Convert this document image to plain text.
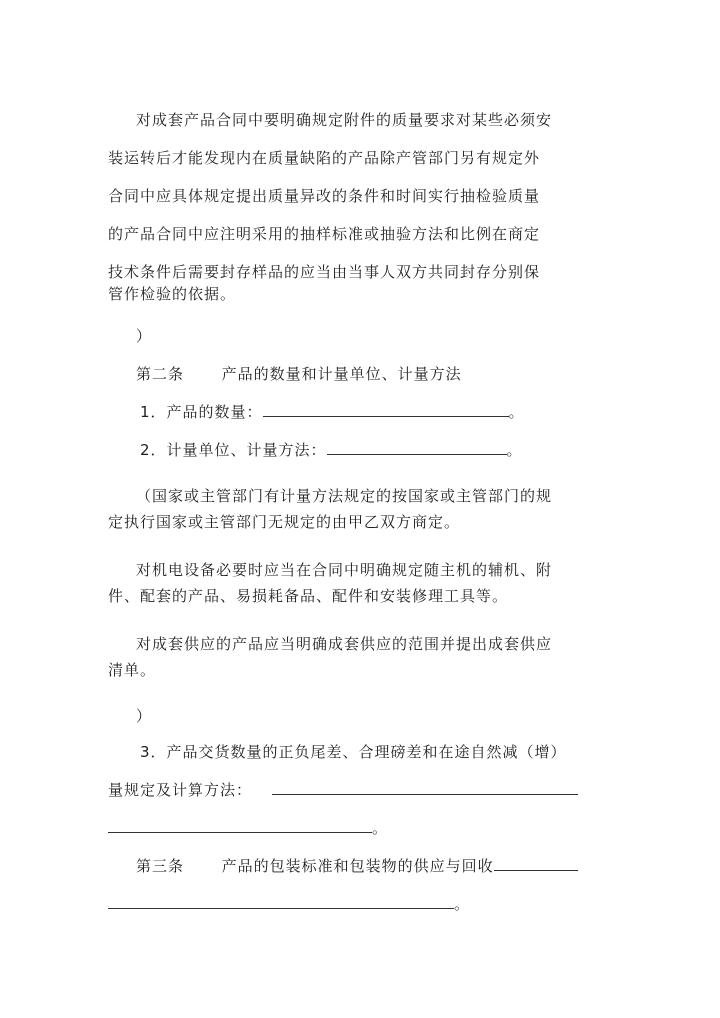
对成套产品合同中要明确规定附件的质量要求对某些必须安
装运转后才能发现内在质量缺陷的产品除产管部门另有规定外
合同中应具体规定提出质量异改的条件和时间实行抽检验质量
的产品合同中应注明采用的抽样标准或抽验方法和比例在商定
技术条件后需要封存样品的应当由当事人双方共同封存分别保
管作检验的依据。
）
第二条	产品的数量和计量单位、计量方法
1．产品的数量：	。
2．计量单位、计量方法：	。
（国家或主管部门有计量方法规定的按国家或主管部门的规
定执行国家或主管部门无规定的由甲乙双方商定。
对机电设备必要时应当在合同中明确规定随主机的辅机、附
件、配套的产品、易损耗备品、配件和安装修理工具等。
对成套供应的产品应当明确成套供应的范围并提出成套供应
清单。
）
3．产品交货数量的正负尾差、合理磅差和在途自然减（增）
量规定及计算方法：
。
第三条	产品的包装标准和包装物的供应与回收
。
